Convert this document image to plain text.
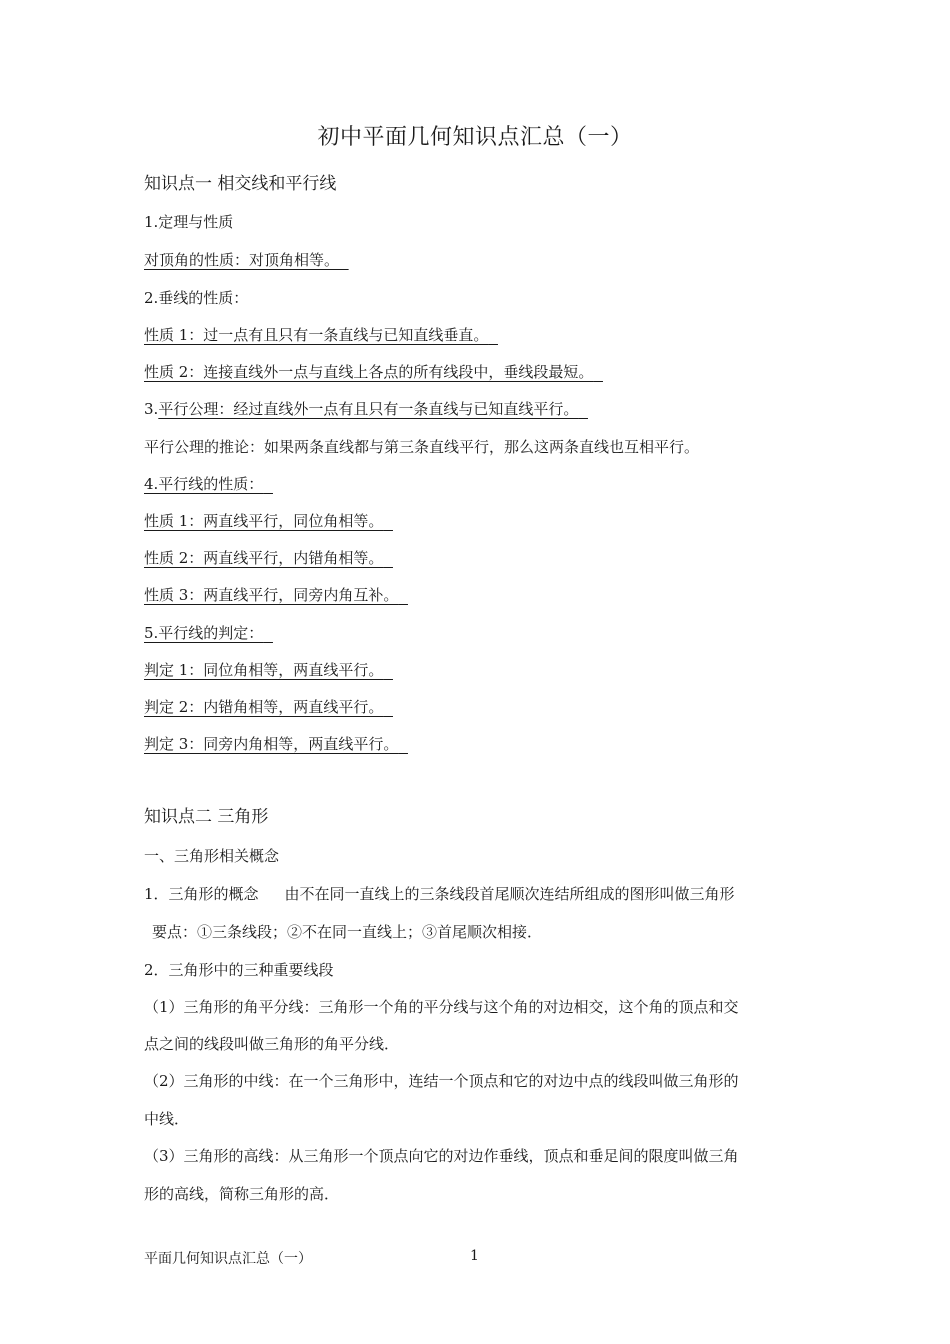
初中平面几何知识点汇总（一）
知识点一 相交线和平行线
1.定理与性质
对顶角的性质：对顶角相等。
2.垂线的性质：
性质 1：过一点有且只有一条直线与已知直线垂直。
性质 2：连接直线外一点与直线上各点的所有线段中，垂线段最短。
3.平行公理：经过直线外一点有且只有一条直线与已知直线平行。
平行公理的推论：如果两条直线都与第三条直线平行，那么这两条直线也互相平行。
4.平行线的性质：
性质 1：两直线平行，同位角相等。
性质 2：两直线平行，内错角相等。
性质 3：两直线平行，同旁内角互补。
5.平行线的判定：
判定 1：同位角相等，两直线平行。
判定 2：内错角相等，两直线平行。
判定 3：同旁内角相等，两直线平行。
知识点二 三角形
一、三角形相关概念
1．三角形的概念 由不在同一直线上的三条线段首尾顺次连结所组成的图形叫做三角形
要点：①三条线段；②不在同一直线上；③首尾顺次相接．
2．三角形中的三种重要线段
（1）三角形的角平分线：三角形一个角的平分线与这个角的对边相交，这个角的顶点和交
点之间的线段叫做三角形的角平分线．
（2）三角形的中线：在一个三角形中，连结一个顶点和它的对边中点的线段叫做三角形的
中线．
（3）三角形的高线：从三角形一个顶点向它的对边作垂线，顶点和垂足间的限度叫做三角
形的高线，简称三角形的高．
平面几何知识点汇总（一）	1
